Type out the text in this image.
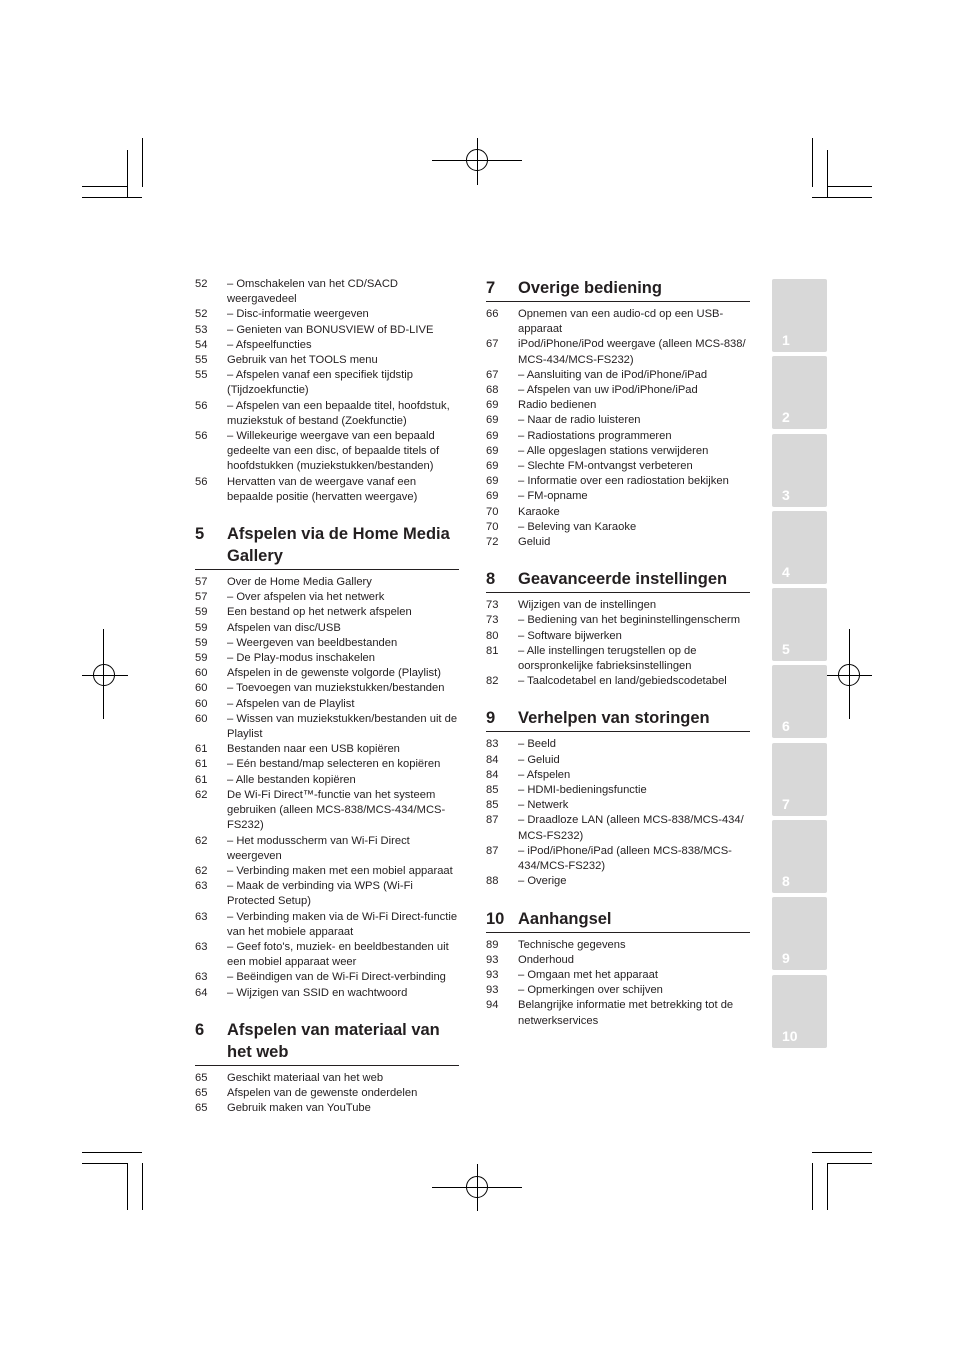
52	– Omschakelen van het CD/SACD weergavedeel
52	– Disc-informatie weergeven
53	– Genieten van BONUSVIEW of BD-LIVE
54	– Afspeelfuncties
55	Gebruik van het TOOLS menu
55	– Afspelen vanaf een specifiek tijdstip (Tijdzoekfunctie)
56	– Afspelen van een bepaalde titel, hoofdstuk, muziekstuk of bestand (Zoekfunctie)
56	– Willekeurige weergave van een bepaald gedeelte van een disc, of bepaalde titels of hoofdstukken (muziekstukken/bestanden)
56	Hervatten van de weergave vanaf een bepaalde positie (hervatten weergave)
5	Afspelen via de Home Media Gallery
57	Over de Home Media Gallery
57	– Over afspelen via het netwerk
59	Een bestand op het netwerk afspelen
59	Afspelen van disc/USB
59	– Weergeven van beeldbestanden
59	– De Play-modus inschakelen
60	Afspelen in de gewenste volgorde (Playlist)
60	– Toevoegen van muziekstukken/bestanden
60	– Afspelen van de Playlist
60	– Wissen van muziekstukken/bestanden uit de Playlist
61	Bestanden naar een USB kopiëren
61	– Eén bestand/map selecteren en kopiëren
61	– Alle bestanden kopiëren
62	De Wi-Fi Direct™-functie van het systeem gebruiken (alleen MCS-838/MCS-434/MCS-FS232)
62	– Het modusscherm van Wi-Fi Direct weergeven
62	– Verbinding maken met een mobiel apparaat
63	– Maak de verbinding via WPS (Wi-Fi Protected Setup)
63	– Verbinding maken via de Wi-Fi Direct-functie van het mobiele apparaat
63	– Geef foto's, muziek- en beeldbestanden uit een mobiel apparaat weer
63	– Beëindigen van de Wi-Fi Direct-verbinding
64	– Wijzigen van SSID en wachtwoord
6	Afspelen van materiaal van het web
65	Geschikt materiaal van het web
65	Afspelen van de gewenste onderdelen
65	Gebruik maken van YouTube
7	Overige bediening
66	Opnemen van een audio-cd op een USB-apparaat
67	iPod/iPhone/iPod weergave (alleen MCS-838/ MCS-434/MCS-FS232)
67	– Aansluiting van de iPod/iPhone/iPad
68	– Afspelen van uw iPod/iPhone/iPad
69	Radio bedienen
69	– Naar de radio luisteren
69	– Radiostations programmeren
69	– Alle opgeslagen stations verwijderen
69	– Slechte FM-ontvangst verbeteren
69	– Informatie over een radiostation bekijken
69	– FM-opname
70	Karaoke
70	– Beleving van Karaoke
72	Geluid
8	Geavanceerde instellingen
73	Wijzigen van de instellingen
73	– Bediening van het begininstellingenscherm
80	– Software bijwerken
81	– Alle instellingen terugstellen op de oorspronkelijke fabrieksinstellingen
82	– Taalcodetabel en land/gebiedscodetabel
9	Verhelpen van storingen
83	– Beeld
84	– Geluid
84	– Afspelen
85	– HDMI-bedieningsfunctie
85	– Netwerk
87	– Draadloze LAN (alleen MCS-838/MCS-434/ MCS-FS232)
87	– iPod/iPhone/iPad (alleen MCS-838/MCS-434/MCS-FS232)
88	– Overige
10 Aanhangsel
89	Technische gegevens
93	Onderhoud
93	– Omgaan met het apparaat
93	– Opmerkingen over schijven
94	Belangrijke informatie met betrekking tot de netwerkservices
1
2
3
4
5
6
7
8
9
10
